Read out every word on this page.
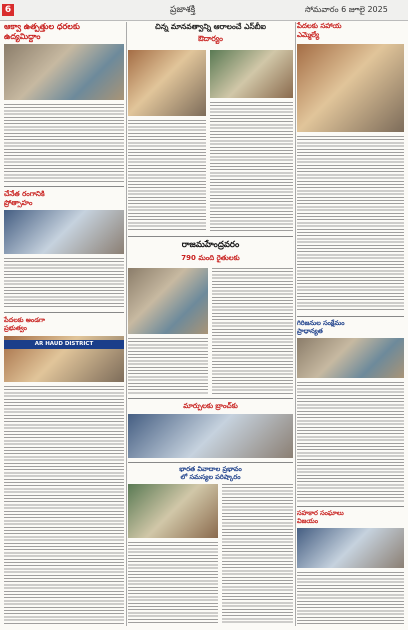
6	ప్రజాశక్తి	సోమవారం 6 జూలై 2025
ఆక్వా ఉత్పత్తుల ధరలకు
ఉద్యమిద్దాం
చేనేత రంగానికి
ప్రోత్సాహం
పేదలకు అండగా
ప్రభుత్వం
AR HAUD DISTRICT
చిన్న మానవత్వాన్ని ఆరాలంచే ఎస్‌బీఐ
ఔదార్యం
రాజమహేంద్రవరం
790 మంది రైతులకు
మార్పులకు బ్రాంచ్‌కు
భారత వివాదాల ప్రభావం
లో సమస్యల పరిష్కారం
పేదలకు సహాయ
ఎమ్మెల్యే
గిరిజనుల సంక్షేమం
ప్రాధాన్యత
సహకార సంఘాలు
విజయం
